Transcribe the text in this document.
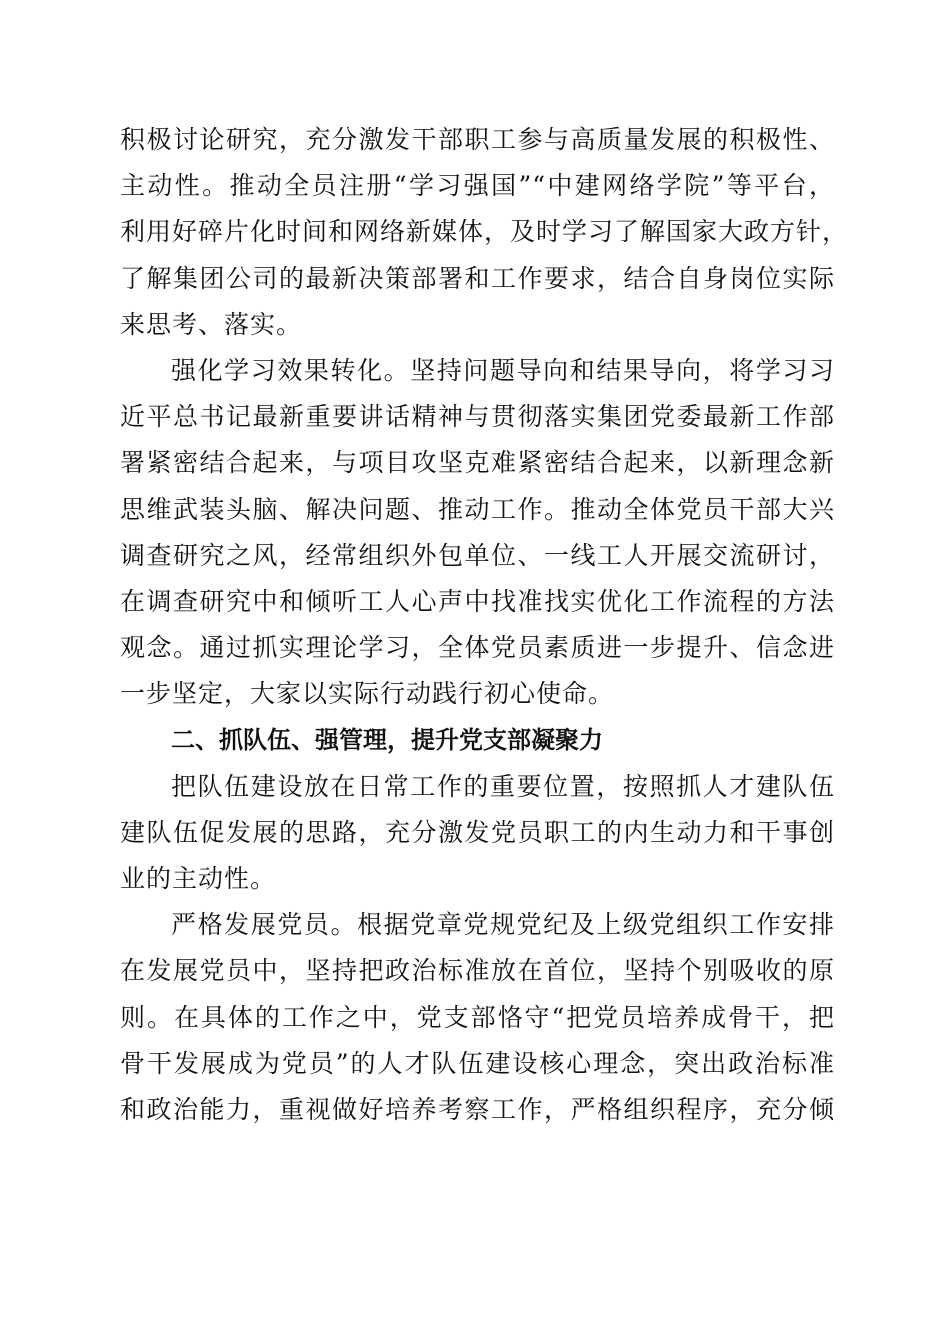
积极讨论研究，充分激发干部职工参与高质量发展的积极性、
主动性。推动全员注册“学习强国”“中建网络学院”等平台，
利用好碎片化时间和网络新媒体，及时学习了解国家大政方针，
了解集团公司的最新决策部署和工作要求，结合自身岗位实际
来思考、落实。
强化学习效果转化。坚持问题导向和结果导向，将学习习
近平总书记最新重要讲话精神与贯彻落实集团党委最新工作部
署紧密结合起来，与项目攻坚克难紧密结合起来，以新理念新
思维武装头脑、解决问题、推动工作。推动全体党员干部大兴
调查研究之风，经常组织外包单位、一线工人开展交流研讨，
在调查研究中和倾听工人心声中找准找实优化工作流程的方法
观念。通过抓实理论学习，全体党员素质进一步提升、信念进
一步坚定，大家以实际行动践行初心使命。
二、抓队伍、强管理，提升党支部凝聚力
把队伍建设放在日常工作的重要位置，按照抓人才建队伍
建队伍促发展的思路，充分激发党员职工的内生动力和干事创
业的主动性。
严格发展党员。根据党章党规党纪及上级党组织工作安排
在发展党员中，坚持把政治标准放在首位，坚持个别吸收的原
则。在具体的工作之中，党支部恪守“把党员培养成骨干，把
骨干发展成为党员”的人才队伍建设核心理念，突出政治标准
和政治能力，重视做好培养考察工作，严格组织程序，充分倾
